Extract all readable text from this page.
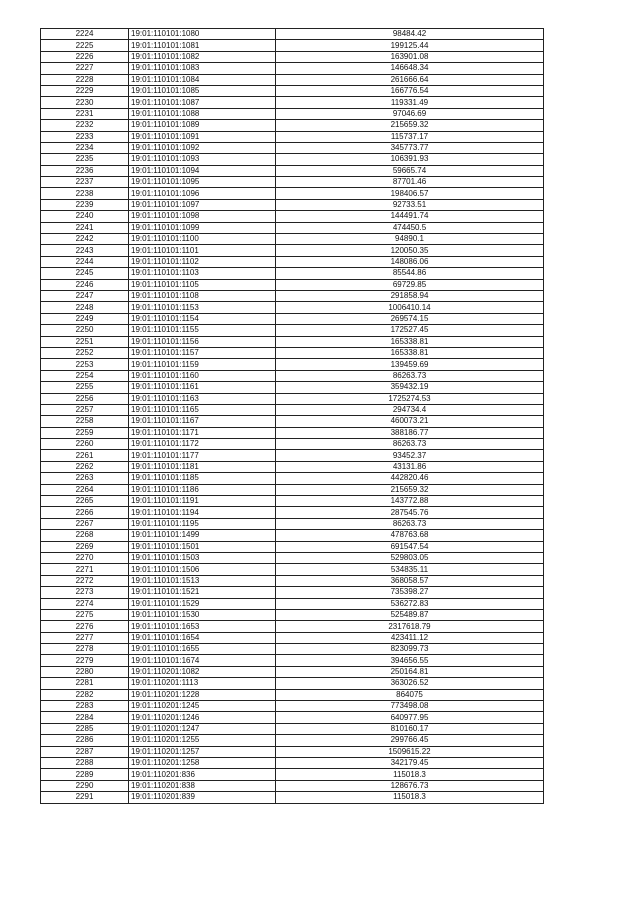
2224	19:01:110101:1080	98484.42
2225	19:01:110101:1081	199125.44
2226	19:01:110101:1082	163901.08
2227	19:01:110101:1083	146648.34
2228	19:01:110101:1084	261666.64
2229	19:01:110101:1085	166776.54
2230	19:01:110101:1087	119331.49
2231	19:01:110101:1088	97046.69
2232	19:01:110101:1089	215659.32
2233	19:01:110101:1091	115737.17
2234	19:01:110101:1092	345773.77
2235	19:01:110101:1093	106391.93
2236	19:01:110101:1094	59665.74
2237	19:01:110101:1095	87701.46
2238	19:01:110101:1096	198406.57
2239	19:01:110101:1097	92733.51
2240	19:01:110101:1098	144491.74
2241	19:01:110101:1099	474450.5
2242	19:01:110101:1100	94890.1
2243	19:01:110101:1101	120050.35
2244	19:01:110101:1102	148086.06
2245	19:01:110101:1103	85544.86
2246	19:01:110101:1105	69729.85
2247	19:01:110101:1108	291858.94
2248	19:01:110101:1153	1006410.14
2249	19:01:110101:1154	269574.15
2250	19:01:110101:1155	172527.45
2251	19:01:110101:1156	165338.81
2252	19:01:110101:1157	165338.81
2253	19:01:110101:1159	139459.69
2254	19:01:110101:1160	86263.73
2255	19:01:110101:1161	359432.19
2256	19:01:110101:1163	1725274.53
2257	19:01:110101:1165	294734.4
2258	19:01:110101:1167	460073.21
2259	19:01:110101:1171	388186.77
2260	19:01:110101:1172	86263.73
2261	19:01:110101:1177	93452.37
2262	19:01:110101:1181	43131.86
2263	19:01:110101:1185	442820.46
2264	19:01:110101:1186	215659.32
2265	19:01:110101:1191	143772.88
2266	19:01:110101:1194	287545.76
2267	19:01:110101:1195	86263.73
2268	19:01:110101:1499	478763.68
2269	19:01:110101:1501	691547.54
2270	19:01:110101:1503	529803.05
2271	19:01:110101:1506	534835.11
2272	19:01:110101:1513	368058.57
2273	19:01:110101:1521	735398.27
2274	19:01:110101:1529	536272.83
2275	19:01:110101:1530	525489.87
2276	19:01:110101:1653	2317618.79
2277	19:01:110101:1654	423411.12
2278	19:01:110101:1655	823099.73
2279	19:01:110101:1674	394656.55
2280	19:01:110201:1082	250164.81
2281	19:01:110201:1113	363026.52
2282	19:01:110201:1228	864075
2283	19:01:110201:1245	773498.08
2284	19:01:110201:1246	640977.95
2285	19:01:110201:1247	810160.17
2286	19:01:110201:1255	299766.45
2287	19:01:110201:1257	1509615.22
2288	19:01:110201:1258	342179.45
2289	19:01:110201:836	115018.3
2290	19:01:110201:838	128676.73
2291	19:01:110201:839	115018.3
